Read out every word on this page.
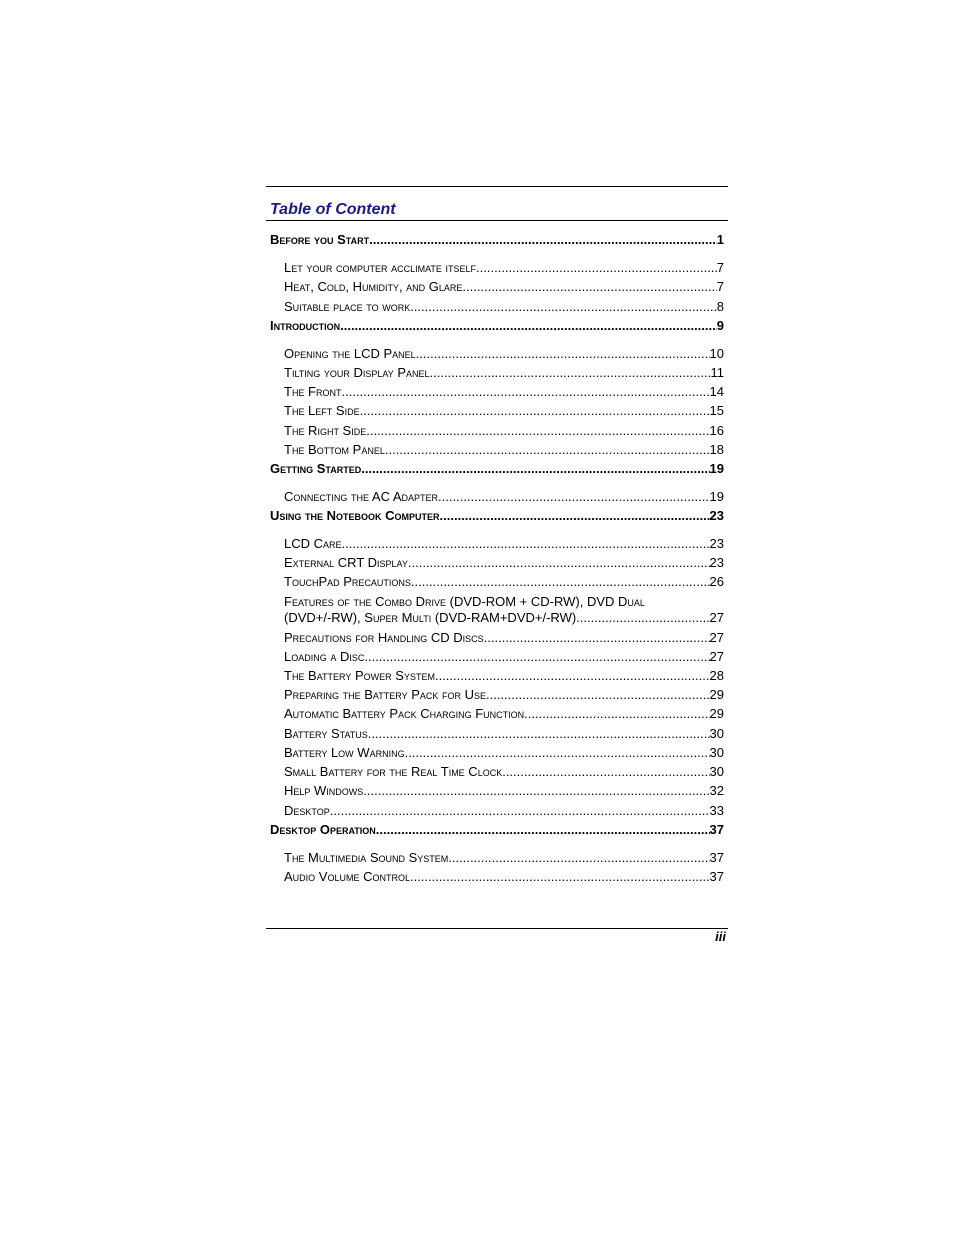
Table of Content
Before you Start .....	1
Let your computer acclimate itself .....	7
Heat, Cold, Humidity, and Glare .....	7
Suitable place to work .....	8
Introduction .....	9
Opening the LCD Panel .....	10
Tilting your Display Panel .....	11
The Front .....	14
The Left Side .....	15
The Right Side .....	16
The Bottom Panel .....	18
Getting Started .....	19
Connecting the AC Adapter .....	19
Using the Notebook Computer .....	23
LCD Care .....	23
External CRT Display .....	23
TouchPad Precautions .....	26
Features of the Combo Drive (DVD-ROM + CD-RW), DVD Dual
(DVD+/-RW), Super Multi (DVD-RAM+DVD+/-RW) .....	27
Precautions for Handling CD Discs .....	27
Loading a Disc .....	27
The Battery Power System .....	28
Preparing the Battery Pack for Use .....	29
Automatic Battery Pack Charging Function .....	29
Battery Status .....	30
Battery Low Warning .....	30
Small Battery for the Real Time Clock .....	30
Help Windows .....	32
Desktop .....	33
Desktop Operation .....	37
The Multimedia Sound System .....	37
Audio Volume Control .....	37
iii
